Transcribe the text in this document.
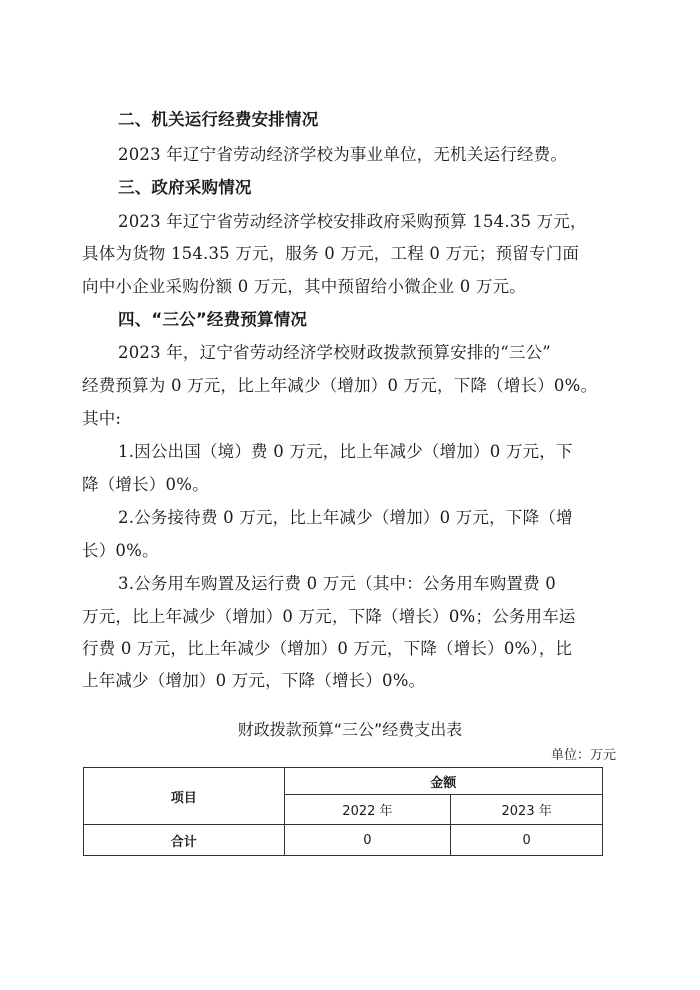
二、机关运行经费安排情况
2023 年辽宁省劳动经济学校为事业单位，无机关运行经费。
三、政府采购情况
2023 年辽宁省劳动经济学校安排政府采购预算 154.35 万元，
具体为货物 154.35 万元，服务 0 万元，工程 0 万元；预留专门面
向中小企业采购份额 0 万元，其中预留给小微企业 0 万元。
四、“三公”经费预算情况
2023 年，辽宁省劳动经济学校财政拨款预算安排的“三公”
经费预算为 0 万元，比上年减少（增加）0 万元，下降（增长）0%。
其中:
1.因公出国（境）费 0 万元，比上年减少（增加）0 万元，下
降（增长）0%。
2.公务接待费 0 万元，比上年减少（增加）0 万元，下降（增
长）0%。
3.公务用车购置及运行费 0 万元（其中：公务用车购置费 0
万元，比上年减少（增加）0 万元，下降（增长）0%；公务用车运
行费 0 万元，比上年减少（增加）0 万元，下降（增长）0%），比
上年减少（增加）0 万元，下降（增长）0%。
财政拨款预算“三公”经费支出表
单位：万元
项目	金额	
	2022 年	2023 年
合计	0	0
